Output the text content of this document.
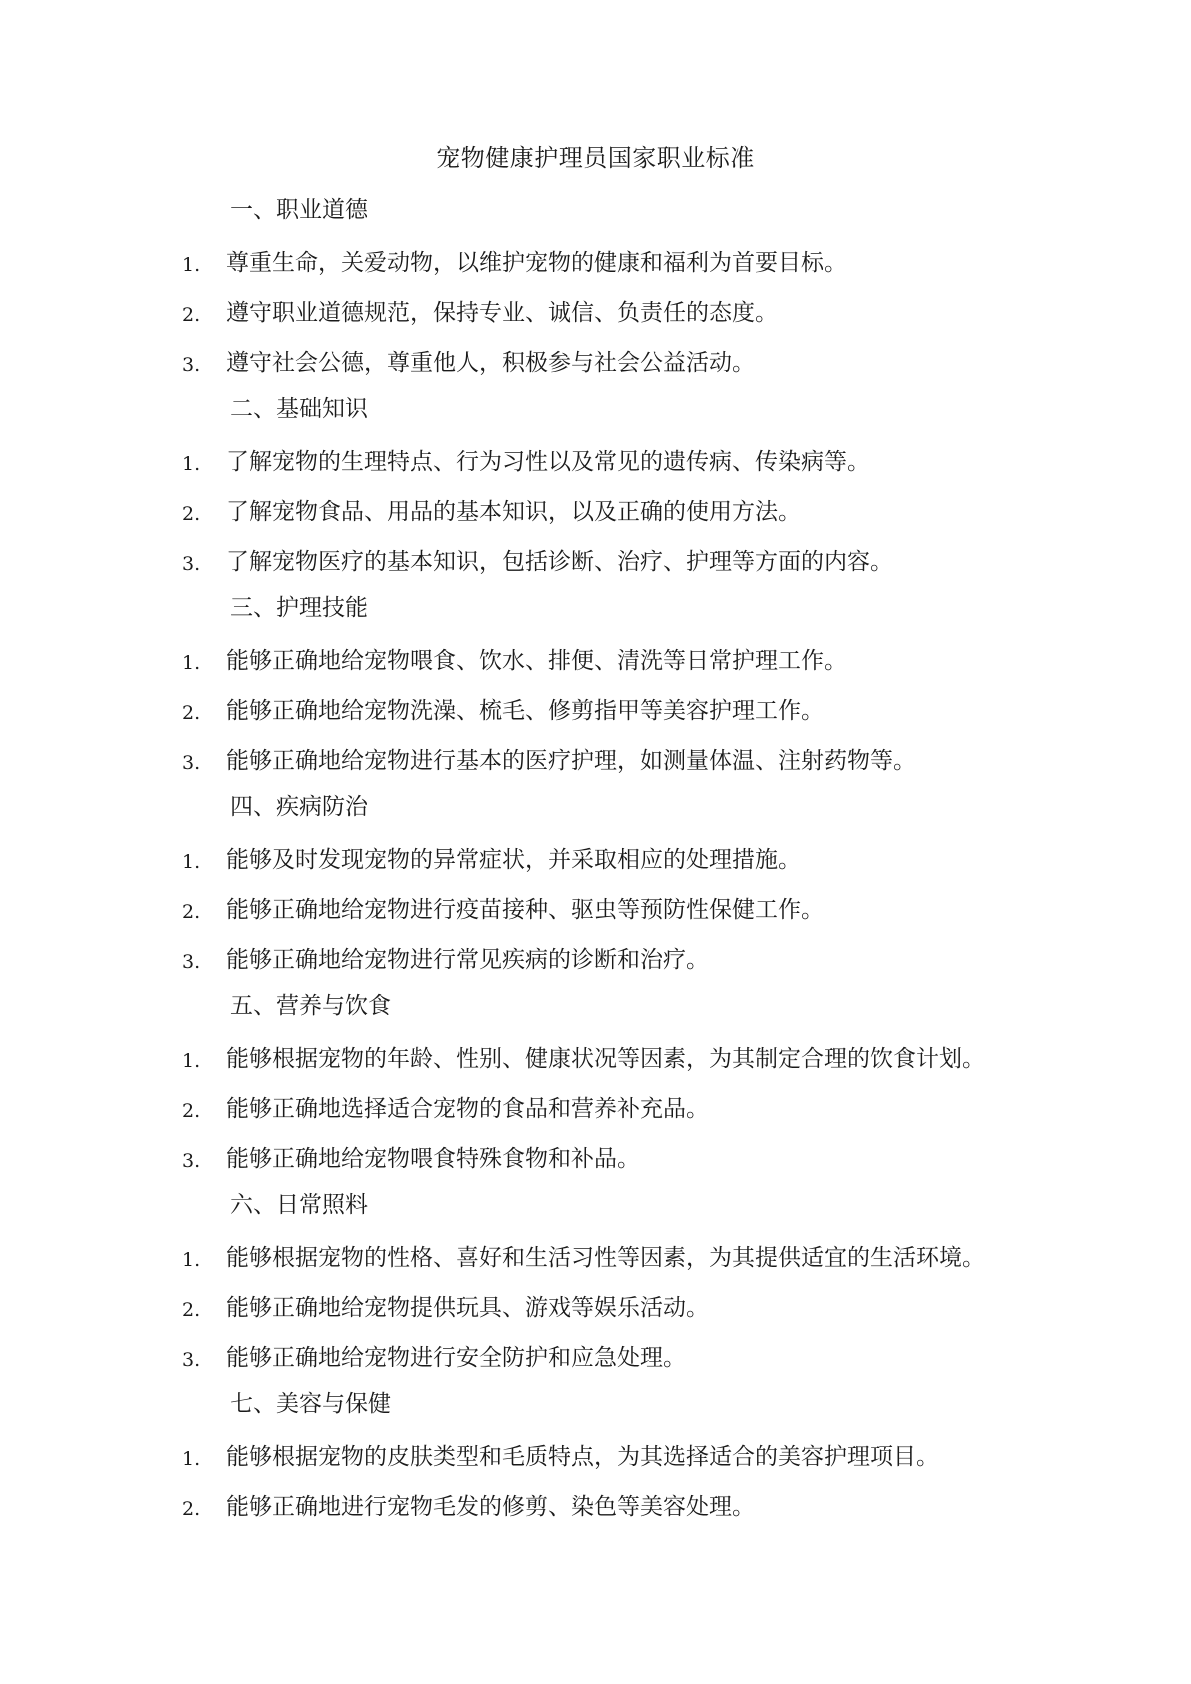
宠物健康护理员国家职业标准
一、职业道德
1. 尊重生命，关爱动物，以维护宠物的健康和福利为首要目标。
2. 遵守职业道德规范，保持专业、诚信、负责任的态度。
3. 遵守社会公德，尊重他人，积极参与社会公益活动。
二、基础知识
1. 了解宠物的生理特点、行为习性以及常见的遗传病、传染病等。
2. 了解宠物食品、用品的基本知识，以及正确的使用方法。
3. 了解宠物医疗的基本知识，包括诊断、治疗、护理等方面的内容。
三、护理技能
1. 能够正确地给宠物喂食、饮水、排便、清洗等日常护理工作。
2. 能够正确地给宠物洗澡、梳毛、修剪指甲等美容护理工作。
3. 能够正确地给宠物进行基本的医疗护理，如测量体温、注射药物等。
四、疾病防治
1. 能够及时发现宠物的异常症状，并采取相应的处理措施。
2. 能够正确地给宠物进行疫苗接种、驱虫等预防性保健工作。
3. 能够正确地给宠物进行常见疾病的诊断和治疗。
五、营养与饮食
1. 能够根据宠物的年龄、性别、健康状况等因素，为其制定合理的饮食计划。
2. 能够正确地选择适合宠物的食品和营养补充品。
3. 能够正确地给宠物喂食特殊食物和补品。
六、日常照料
1. 能够根据宠物的性格、喜好和生活习性等因素，为其提供适宜的生活环境。
2. 能够正确地给宠物提供玩具、游戏等娱乐活动。
3. 能够正确地给宠物进行安全防护和应急处理。
七、美容与保健
1. 能够根据宠物的皮肤类型和毛质特点，为其选择适合的美容护理项目。
2. 能够正确地进行宠物毛发的修剪、染色等美容处理。
